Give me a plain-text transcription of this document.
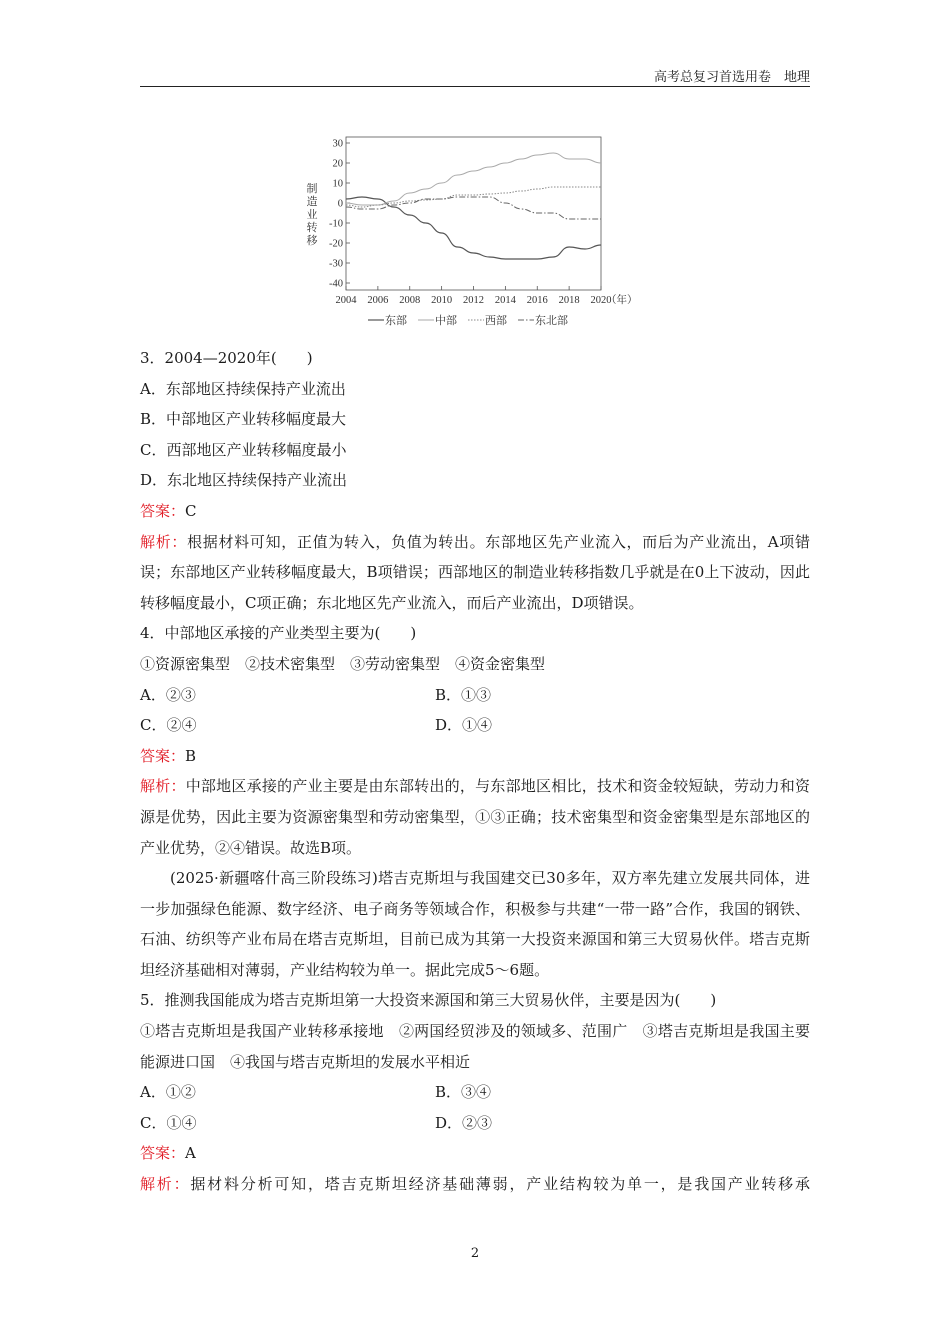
高考总复习首选用卷　地理
30
20
10
0
-10
-20
-30
-40
2004 2006 2008 2010 2012 2014 2016 2018 2020
（年）
制
造
业
转
移
东部	中部	西部	东北部
3．2004—2020年(　　)
A．东部地区持续保持产业流出
B．中部地区产业转移幅度最大
C．西部地区产业转移幅度最小
D．东北地区持续保持产业流出
答案：C
解析：根据材料可知，正值为转入，负值为转出。东部地区先产业流入，而后为产业流出，A项错误；东部地区产业转移幅度最大，B项错误；西部地区的制造业转移指数几乎就是在0上下波动，因此转移幅度最小，C项正确；东北地区先产业流入，而后产业流出，D项错误。
4．中部地区承接的产业类型主要为(　　)
①资源密集型　②技术密集型　③劳动密集型　④资金密集型
A．②③	B．①③
C．②④	D．①④
答案：B
解析：中部地区承接的产业主要是由东部转出的，与东部地区相比，技术和资金较短缺，劳动力和资源是优势，因此主要为资源密集型和劳动密集型，①③正确；技术密集型和资金密集型是东部地区的产业优势，②④错误。故选B项。
(2025·新疆喀什高三阶段练习)塔吉克斯坦与我国建交已30多年，双方率先建立发展共同体，进一步加强绿色能源、数字经济、电子商务等领域合作，积极参与共建“一带一路”合作，我国的钢铁、石油、纺织等产业布局在塔吉克斯坦，目前已成为其第一大投资来源国和第三大贸易伙伴。塔吉克斯坦经济基础相对薄弱，产业结构较为单一。据此完成5～6题。
5．推测我国能成为塔吉克斯坦第一大投资来源国和第三大贸易伙伴，主要是因为(　　)
①塔吉克斯坦是我国产业转移承接地　②两国经贸涉及的领域多、范围广　③塔吉克斯坦是我国主要能源进口国　④我国与塔吉克斯坦的发展水平相近
A．①②	B．③④
C．①④	D．②③
答案：A
解析：据材料分析可知，塔吉克斯坦经济基础薄弱，产业结构较为单一，是我国产业转移承
2
